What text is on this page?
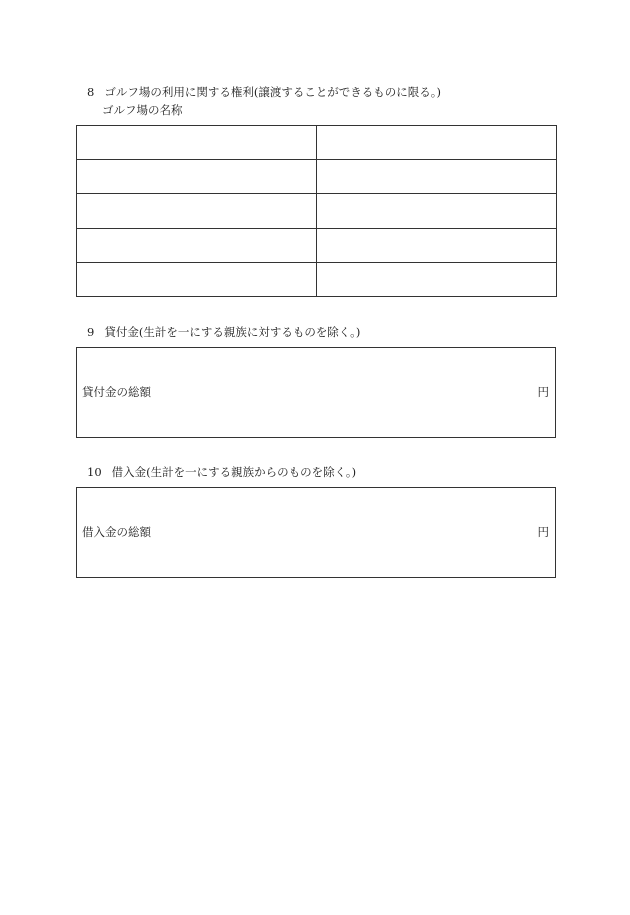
8 ゴルフ場の利用に関する権利(譲渡することができるものに限る。)
ゴルフ場の名称

9 貸付金(生計を一にする親族に対するものを除く。)
貸付金の総額	円
10 借入金(生計を一にする親族からのものを除く。)
借入金の総額	円
